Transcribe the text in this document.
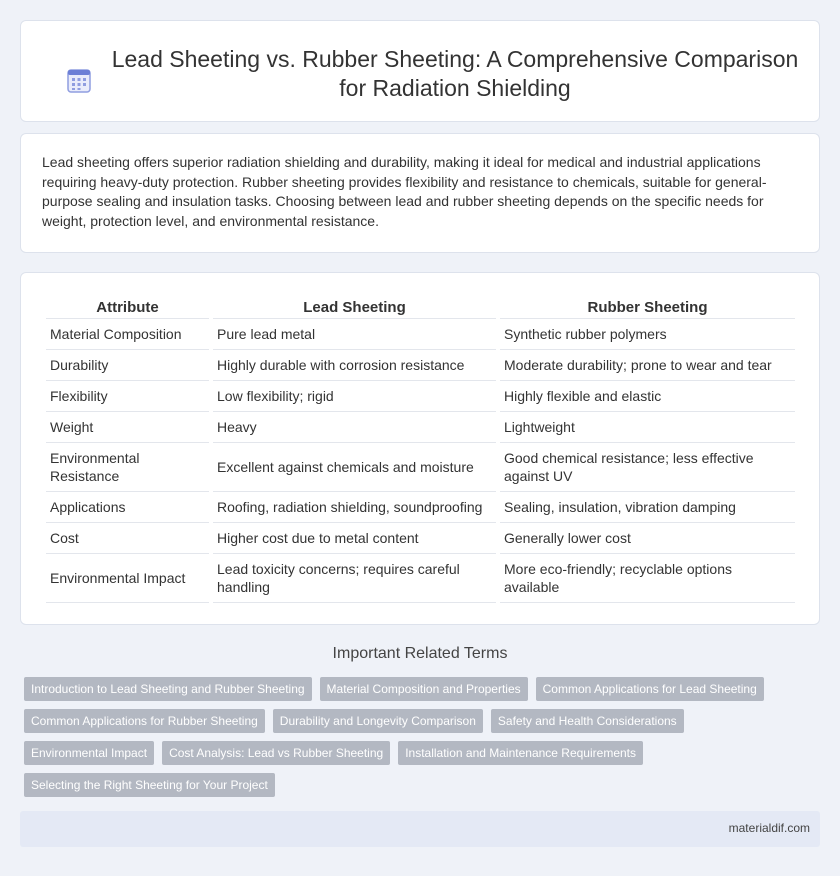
Lead Sheeting vs. Rubber Sheeting: A Comprehensive Comparison for Radiation Shielding

Lead sheeting offers superior radiation shielding and durability, making it ideal for medical and industrial applications requiring heavy-duty protection. Rubber sheeting provides flexibility and resistance to chemicals, suitable for general-purpose sealing and insulation tasks. Choosing between lead and rubber sheeting depends on the specific needs for weight, protection level, and environmental resistance.

Attribute	Lead Sheeting	Rubber Sheeting
Material Composition	Pure lead metal	Synthetic rubber polymers
Durability	Highly durable with corrosion resistance	Moderate durability; prone to wear and tear
Flexibility	Low flexibility; rigid	Highly flexible and elastic
Weight	Heavy	Lightweight
Environmental Resistance	Excellent against chemicals and moisture	Good chemical resistance; less effective against UV
Applications	Roofing, radiation shielding, soundproofing	Sealing, insulation, vibration damping
Cost	Higher cost due to metal content	Generally lower cost
Environmental Impact	Lead toxicity concerns; requires careful handling	More eco-friendly; recyclable options available
Important Related Terms
Introduction to Lead Sheeting and Rubber Sheeting	Material Composition and Properties	Common Applications for Lead Sheeting
Common Applications for Rubber Sheeting	Durability and Longevity Comparison	Safety and Health Considerations
Environmental Impact	Cost Analysis: Lead vs Rubber Sheeting	Installation and Maintenance Requirements
Selecting the Right Sheeting for Your Project
materialdif.com
